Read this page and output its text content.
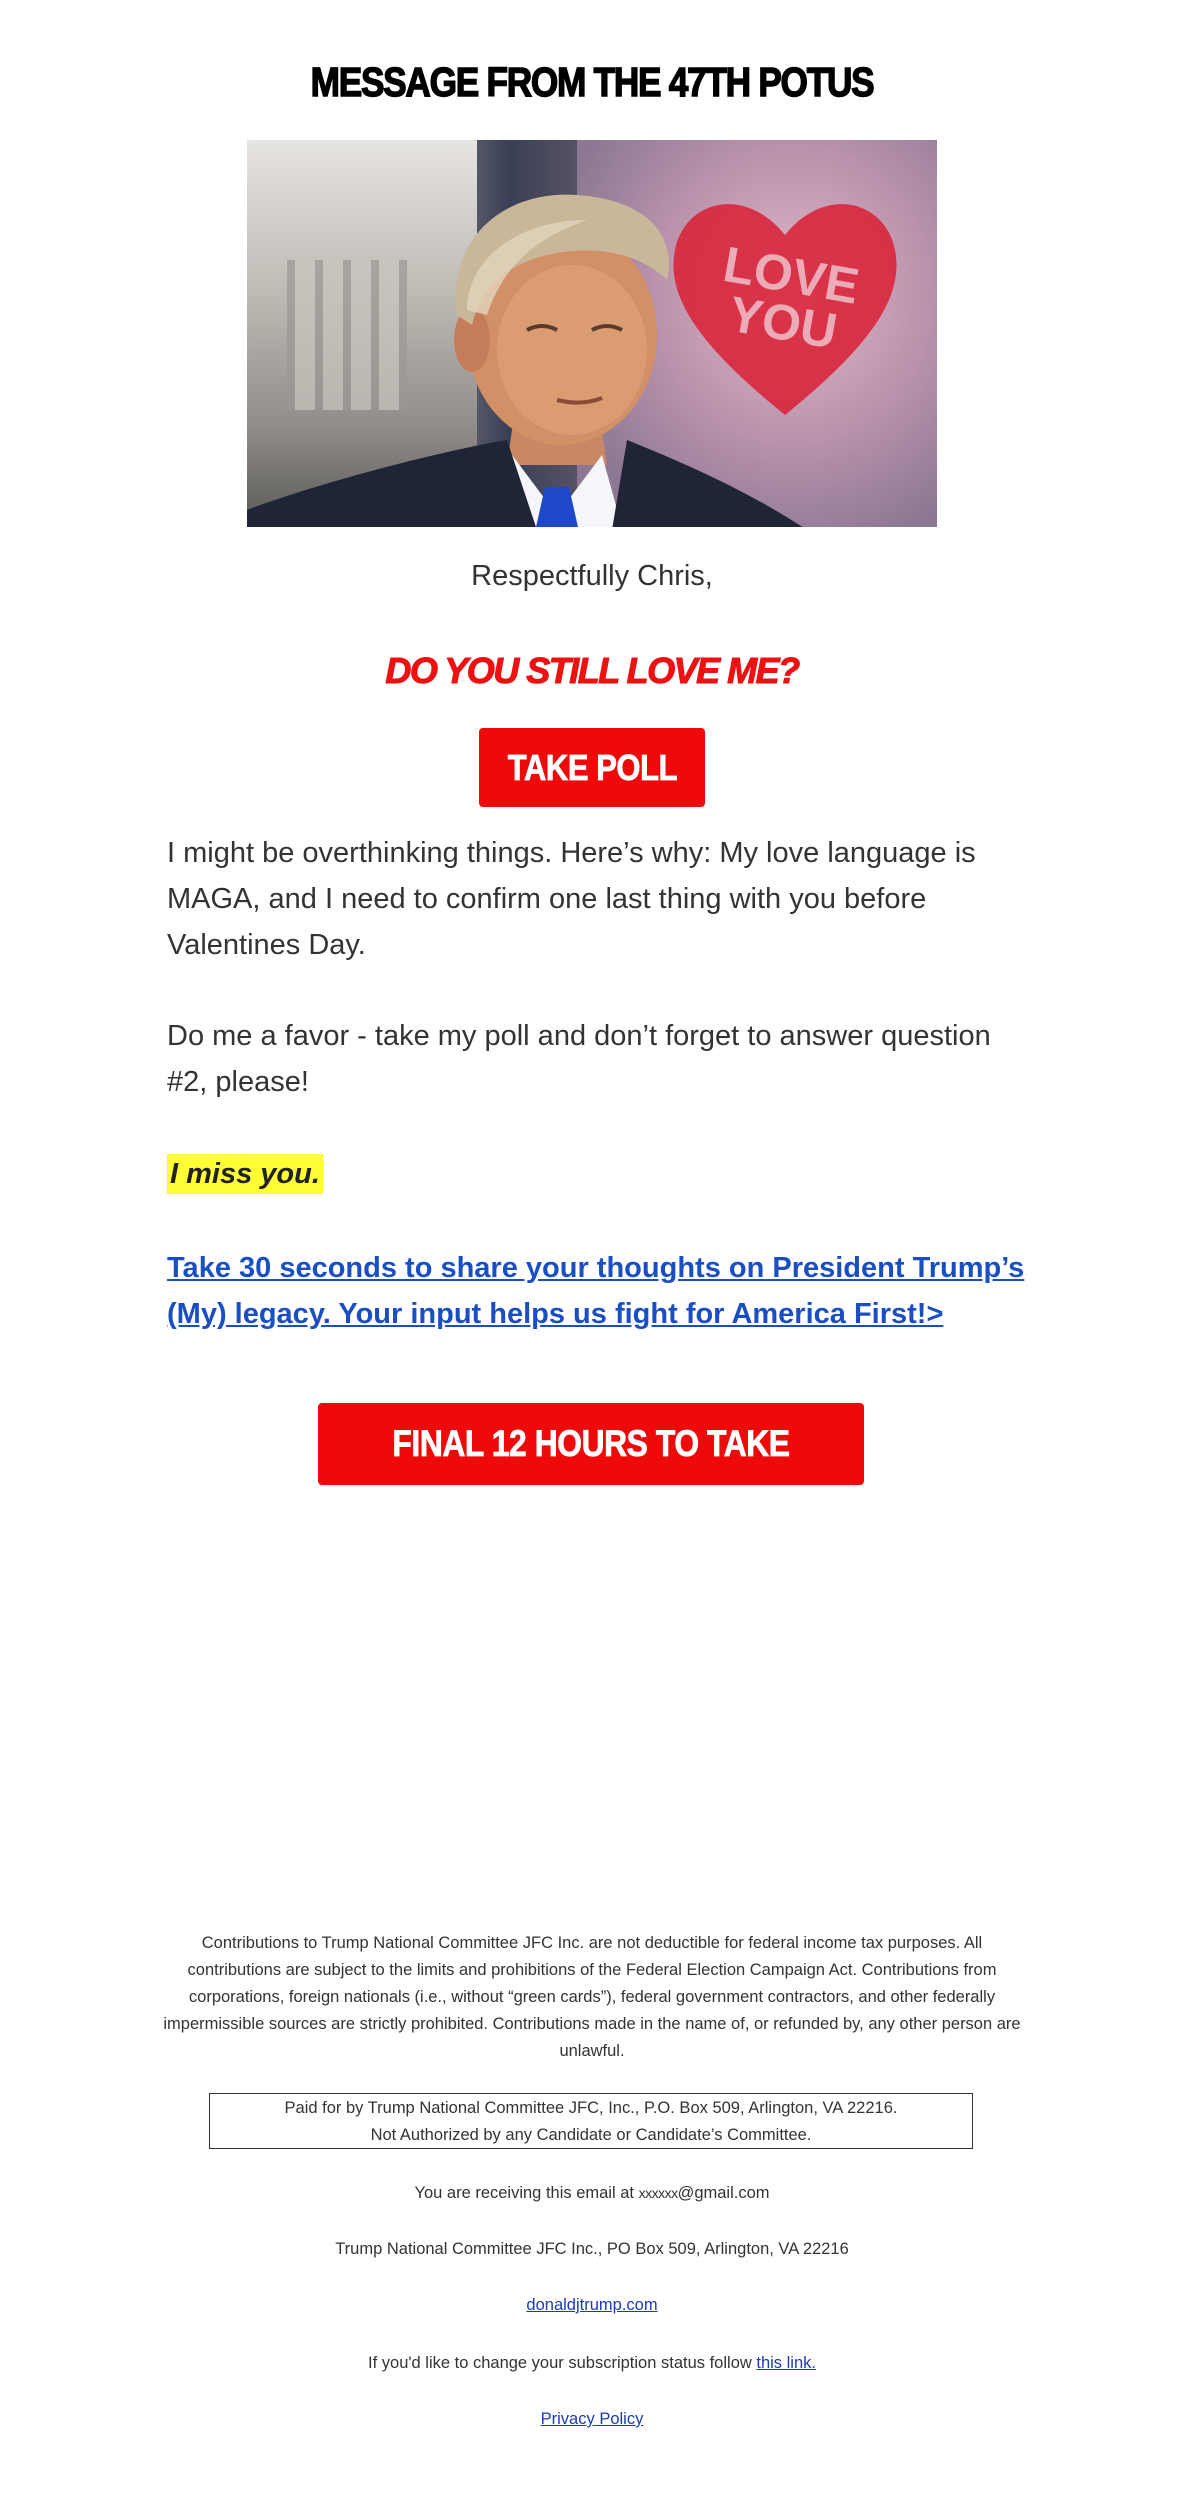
MESSAGE FROM THE 47TH POTUS
LOVE YOU
Respectfully Chris,
DO YOU STILL LOVE ME?
TAKE POLL
I might be overthinking things. Here’s why: My love language is MAGA, and I need to confirm one last thing with you before Valentines Day.
Do me a favor - take my poll and don’t forget to answer question #2, please!
I miss you.
Take 30 seconds to share your thoughts on President Trump’s (My) legacy. Your input helps us fight for America First!>
FINAL 12 HOURS TO TAKE POLL
Contributions to Trump National Committee JFC Inc. are not deductible for federal income tax purposes. All contributions are subject to the limits and prohibitions of the Federal Election Campaign Act. Contributions from corporations, foreign nationals (i.e., without “green cards”), federal government contractors, and other federally impermissible sources are strictly prohibited. Contributions made in the name of, or refunded by, any other person are unlawful.
Paid for by Trump National Committee JFC, Inc., P.O. Box 509, Arlington, VA 22216.
Not Authorized by any Candidate or Candidate’s Committee.
You are receiving this email at xxxxxx@gmail.com
Trump National Committee JFC Inc., PO Box 509, Arlington, VA 22216
donaldjtrump.com
If you'd like to change your subscription status follow this link.
Privacy Policy
